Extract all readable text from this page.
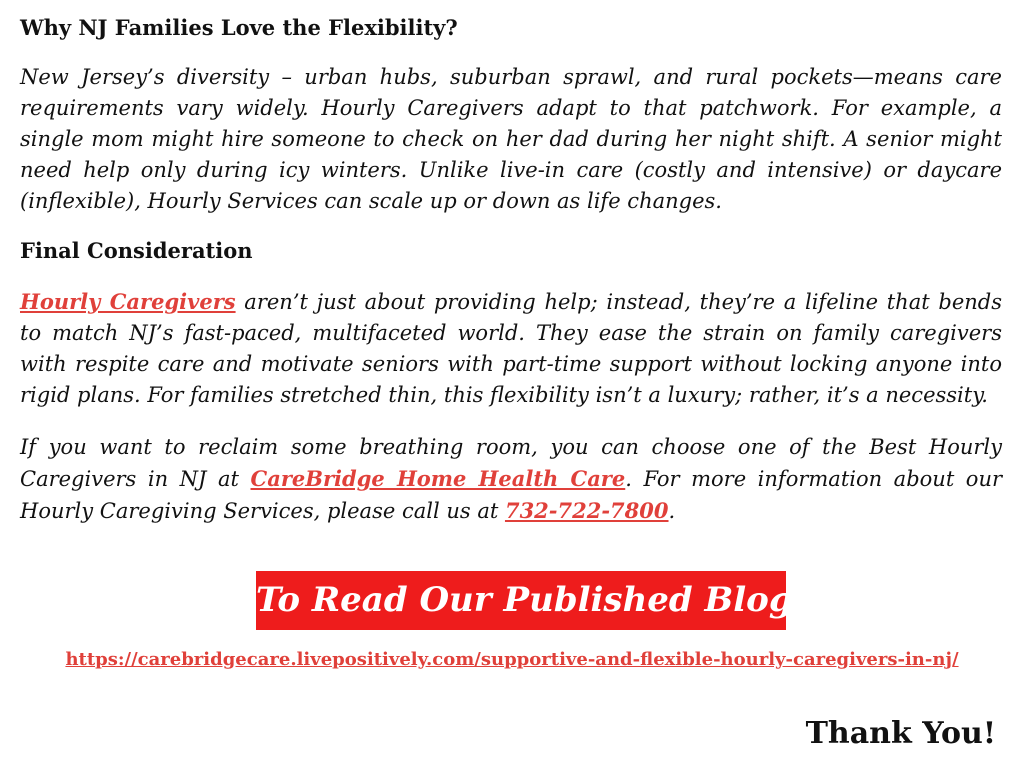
Why NJ Families Love the Flexibility?

New Jersey’s diversity – urban hubs, suburban sprawl, and rural pockets—means care requirements vary widely. Hourly Caregivers adapt to that patchwork. For example, a single mom might hire someone to check on her dad during her night shift. A senior might need help only during icy winters. Unlike live-in care (costly and intensive) or daycare (inflexible), Hourly Services can scale up or down as life changes.

Final Consideration

Hourly Caregivers aren’t just about providing help; instead, they’re a lifeline that bends to match NJ’s fast-paced, multifaceted world. They ease the strain on family caregivers with respite care and motivate seniors with part-time support without locking anyone into rigid plans. For families stretched thin, this flexibility isn’t a luxury; rather, it’s a necessity.

If you want to reclaim some breathing room, you can choose one of the Best Hourly Caregivers in NJ at CareBridge Home Health Care. For more information about our Hourly Caregiving Services, please call us at 732-722-7800.

To Read Our Published Blog:
https://carebridgecare.livepositively.com/supportive-and-flexible-hourly-caregivers-in-nj/
Thank You!
